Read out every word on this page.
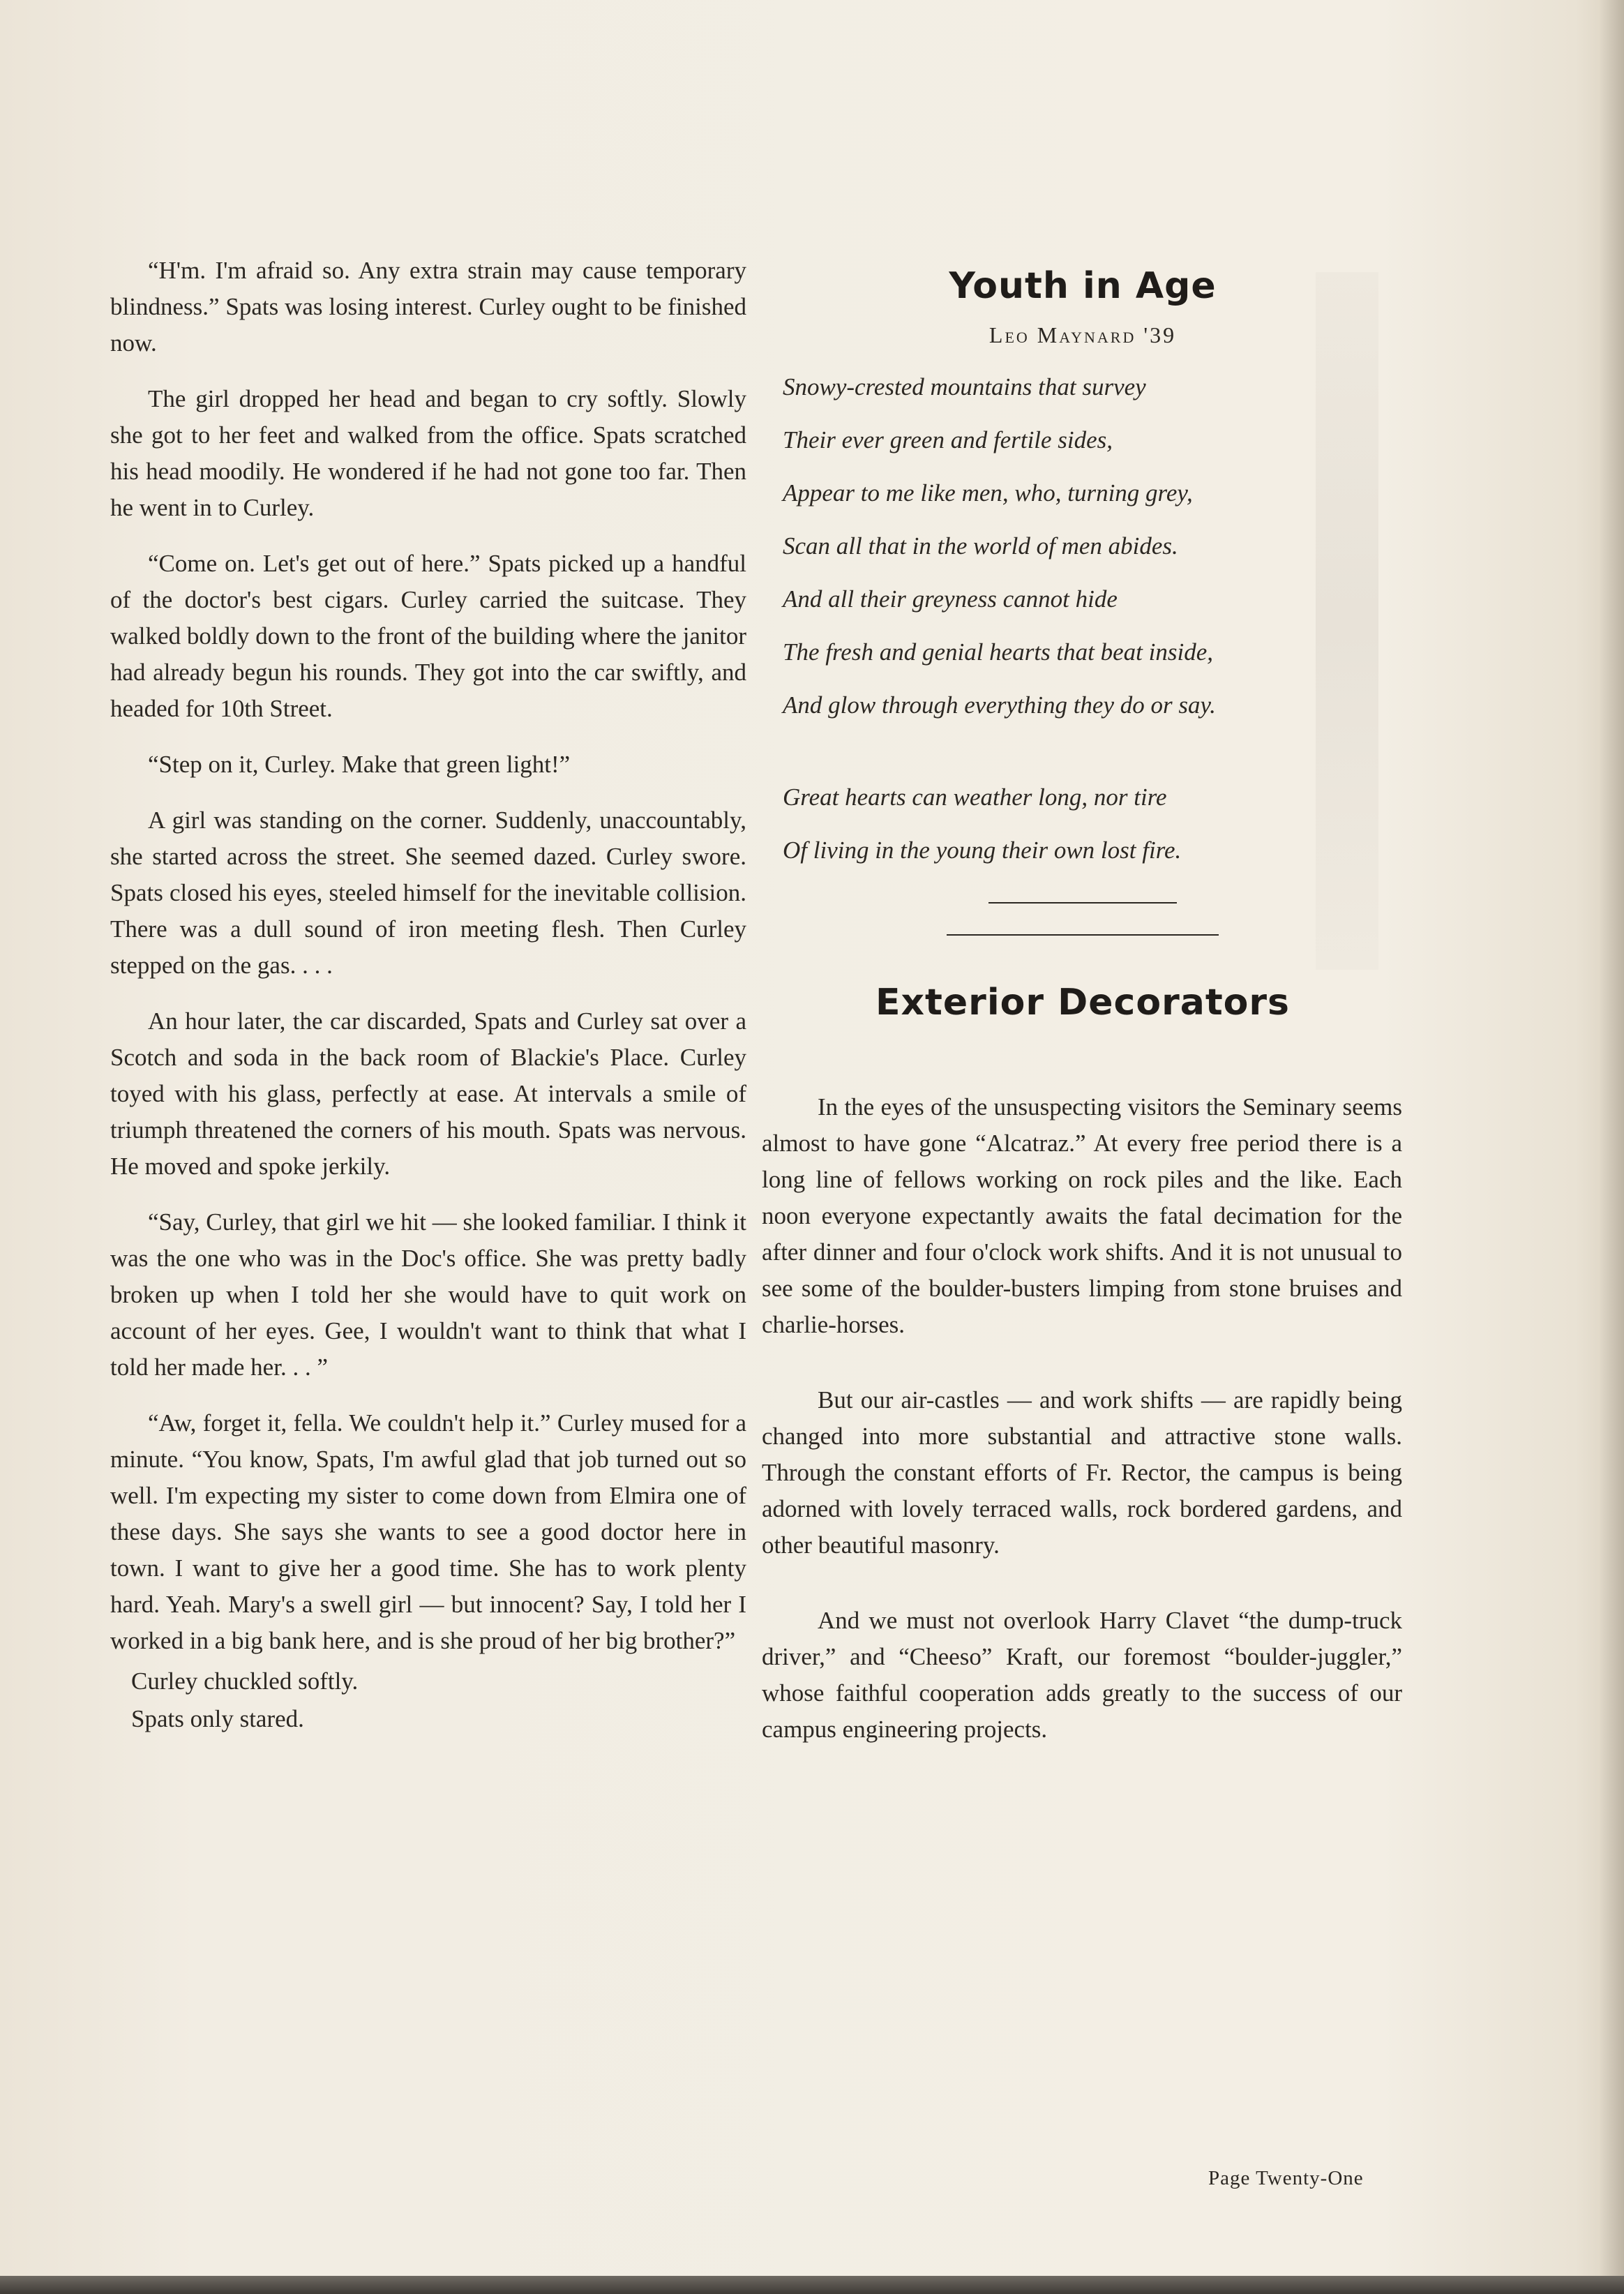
“H'm. I'm afraid so. Any extra strain may cause temporary blindness.” Spats was losing interest. Curley ought to be finished now.

The girl dropped her head and began to cry softly. Slowly she got to her feet and walked from the office. Spats scratched his head moodily. He wondered if he had not gone too far. Then he went in to Curley.

“Come on. Let's get out of here.” Spats picked up a handful of the doctor's best cigars. Curley carried the suitcase. They walked boldly down to the front of the building where the janitor had already begun his rounds. They got into the car swiftly, and headed for 10th Street.

“Step on it, Curley. Make that green light!”

A girl was standing on the corner. Suddenly, unaccountably, she started across the street. She seemed dazed. Curley swore. Spats closed his eyes, steeled himself for the inevitable collision. There was a dull sound of iron meeting flesh. Then Curley stepped on the gas. . . .

An hour later, the car discarded, Spats and Curley sat over a Scotch and soda in the back room of Blackie's Place. Curley toyed with his glass, perfectly at ease. At intervals a smile of triumph threatened the corners of his mouth. Spats was nervous. He moved and spoke jerkily.

“Say, Curley, that girl we hit — she looked familiar. I think it was the one who was in the Doc's office. She was pretty badly broken up when I told her she would have to quit work on account of her eyes. Gee, I wouldn't want to think that what I told her made her. . . ”

“Aw, forget it, fella. We couldn't help it.” Curley mused for a minute. “You know, Spats, I'm awful glad that job turned out so well. I'm expecting my sister to come down from Elmira one of these days. She says she wants to see a good doctor here in town. I want to give her a good time. She has to work plenty hard. Yeah. Mary's a swell girl — but innocent? Say, I told her I worked in a big bank here, and is she proud of her big brother?”

Curley chuckled softly.

Spats only stared.

Youth in Age
Leo Maynard '39
Snowy-crested mountains that survey
Their ever green and fertile sides,
Appear to me like men, who, turning grey,
Scan all that in the world of men abides.
And all their greyness cannot hide
The fresh and genial hearts that beat inside,
And glow through everything they do or say.
Great hearts can weather long, nor tire
Of living in the young their own lost fire.
Exterior Decorators

In the eyes of the unsuspecting visitors the Seminary seems almost to have gone “Alcatraz.” At every free period there is a long line of fellows working on rock piles and the like. Each noon everyone expectantly awaits the fatal decimation for the after dinner and four o'clock work shifts. And it is not unusual to see some of the boulder-busters limping from stone bruises and charlie-horses.

But our air-castles — and work shifts — are rapidly being changed into more substantial and attractive stone walls. Through the constant efforts of Fr. Rector, the campus is being adorned with lovely terraced walls, rock bordered gardens, and other beautiful masonry.

And we must not overlook Harry Clavet “the dump-truck driver,” and “Cheeso” Kraft, our foremost “boulder-juggler,” whose faithful cooperation adds greatly to the success of our campus engineering projects.

Page Twenty-One
